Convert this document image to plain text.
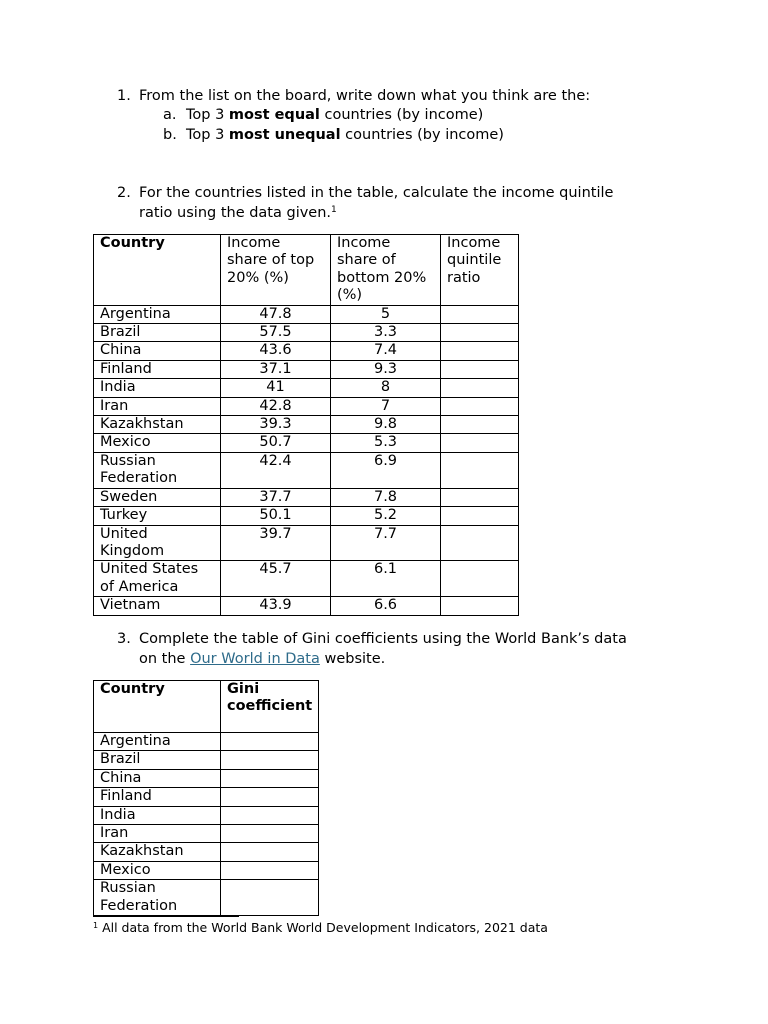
1. From the list on the board, write down what you think are the:
a. Top 3 most equal countries (by income)
b. Top 3 most unequal countries (by income)
2. For the countries listed in the table, calculate the income quintile
ratio using the data given.$^1$
Country	Income share of top 20% (%)	Income share of bottom 20% (%)	Income quintile ratio
Argentina	47.8	5	
Brazil	57.5	3.3	
China	43.6	7.4	
Finland	37.1	9.3	
India	41	8	
Iran	42.8	7	
Kazakhstan	39.3	9.8	
Mexico	50.7	5.3	
Russian Federation	42.4	6.9	
Sweden	37.7	7.8	
Turkey	50.1	5.2	
United Kingdom	39.7	7.7	
United States of America	45.7	6.1	
Vietnam	43.9	6.6	
3. Complete the table of Gini coefficients using the World Bank’s data
on the Our World in Data website.
Country	Gini coefficient
Argentina	
Brazil	
China	
Finland	
India	
Iran	
Kazakhstan	
Mexico	
Russian Federation	

$^1$ All data from the World Bank World Development Indicators, 2021 data
